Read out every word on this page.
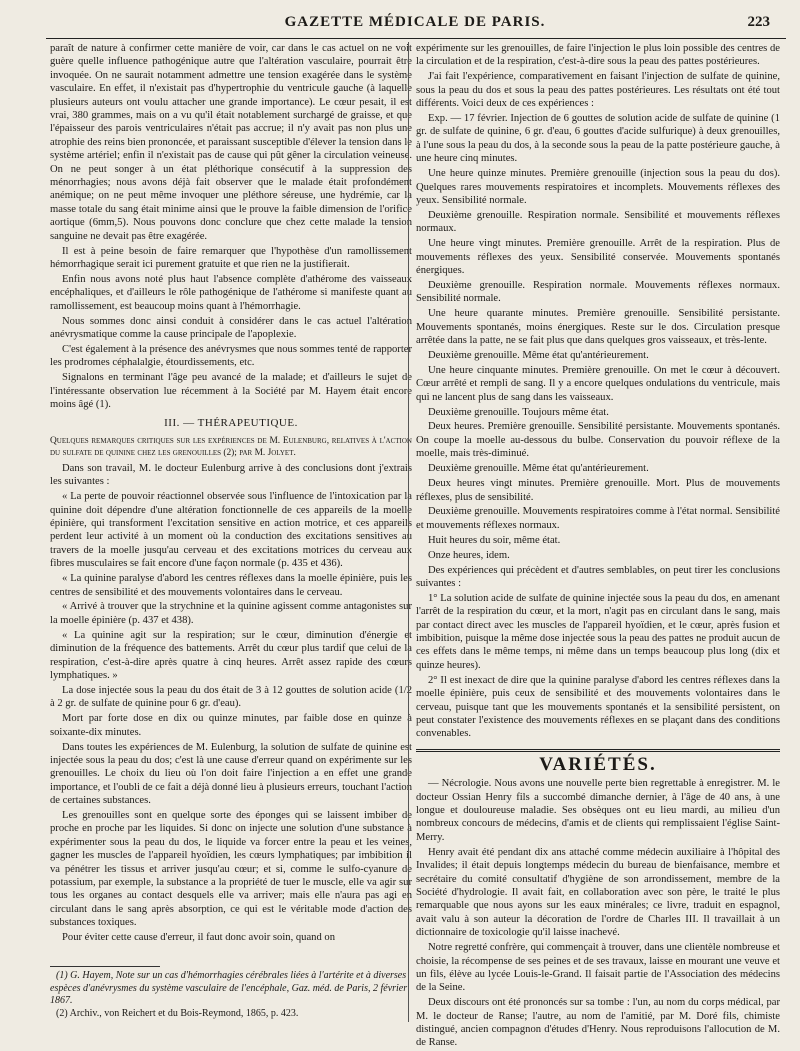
GAZETTE MÉDICALE DE PARIS.	223

paraît de nature à confirmer cette manière de voir, car dans le cas actuel on ne voit guère quelle influence pathogénique autre que l'altération vasculaire, pourrait être invoquée. On ne saurait notamment admettre une tension exagérée dans le système vasculaire. En effet, il n'existait pas d'hypertrophie du ventricule gauche (à laquelle plusieurs auteurs ont voulu attacher une grande importance). Le cœur pesait, il est vrai, 380 grammes, mais on a vu qu'il était notablement surchargé de graisse, et que l'épaisseur des parois ventriculaires n'était pas accrue; il n'y avait pas non plus une atrophie des reins bien prononcée, et paraissant susceptible d'élever la tension dans le système artériel; enfin il n'existait pas de cause qui pût gêner la circulation veineuse. On ne peut songer à un état pléthorique consécutif à la suppression des ménorrhagies; nous avons déjà fait observer que le malade était profondément anémique; on ne peut même invoquer une pléthore séreuse, une hydrémie, car la masse totale du sang était minime ainsi que le prouve la faible dimension de l'orifice aortique (6mm,5). Nous pouvons donc conclure que chez cette malade la tension sanguine ne devait pas être exagérée.

Il est à peine besoin de faire remarquer que l'hypothèse d'un ramollissement hémorrhagique serait ici purement gratuite et que rien ne la justifierait.

Enfin nous avons noté plus haut l'absence complète d'athérome des vaisseaux encéphaliques, et d'ailleurs le rôle pathogénique de l'athérome si manifeste quant au ramollissement, est beaucoup moins quant à l'hémorrhagie.

Nous sommes donc ainsi conduit à considérer dans le cas actuel l'altération anévrysmatique comme la cause principale de l'apoplexie.

C'est également à la présence des anévrysmes que nous sommes tenté de rapporter les prodromes céphalalgie, étourdissements, etc.

Signalons en terminant l'âge peu avancé de la malade; et d'ailleurs le sujet de l'intéressante observation lue récemment à la Société par M. Hayem était encore moins âgé (1).

III. — THÉRAPEUTIQUE.

Quelques remarques critiques sur les expériences de M. Eulenburg, relatives à l'action du sulfate de quinine chez les grenouilles (2); par M. Jolyet.

Dans son travail, M. le docteur Eulenburg arrive à des conclusions dont j'extrais les suivantes :

« La perte de pouvoir réactionnel observée sous l'influence de l'intoxication par la quinine doit dépendre d'une altération fonctionnelle de ces appareils de la moelle épinière, qui transforment l'excitation sensitive en action motrice, et ces appareils perdent leur activité à un moment où la conduction des excitations sensitives au travers de la moelle jusqu'au cerveau et des excitations motrices du cerveau aux fibres musculaires se fait encore d'une façon normale (p. 435 et 436).

« La quinine paralyse d'abord les centres réflexes dans la moelle épinière, puis les centres de sensibilité et des mouvements volontaires dans le cerveau.

« Arrivé à trouver que la strychnine et la quinine agissent comme antagonistes sur la moelle épinière (p. 437 et 438).

« La quinine agit sur la respiration; sur le cœur, diminution d'énergie et diminution de la fréquence des battements. Arrêt du cœur plus tardif que celui de la respiration, c'est-à-dire après quatre à cinq heures. Arrêt assez rapide des cœurs lymphatiques. »

La dose injectée sous la peau du dos était de 3 à 12 gouttes de solution acide (1/2 à 2 gr. de sulfate de quinine pour 6 gr. d'eau).

Mort par forte dose en dix ou quinze minutes, par faible dose en quinze à soixante-dix minutes.

Dans toutes les expériences de M. Eulenburg, la solution de sulfate de quinine est injectée sous la peau du dos; c'est là une cause d'erreur quand on expérimente sur les grenouilles. Le choix du lieu où l'on doit faire l'injection a en effet une grande importance, et l'oubli de ce fait a déjà donné lieu à plusieurs erreurs, touchant l'action de certaines substances.

Les grenouilles sont en quelque sorte des éponges qui se laissent imbiber de proche en proche par les liquides. Si donc on injecte une solution d'une substance à expérimenter sous la peau du dos, le liquide va forcer entre la peau et les veines, gagner les muscles de l'appareil hyoïdien, les cœurs lymphatiques; par imbibition il va pénétrer les tissus et arriver jusqu'au cœur; et si, comme le sulfo-cyanure de potassium, par exemple, la substance a la propriété de tuer le muscle, elle va agir sur tous les organes au contact desquels elle va arriver; mais elle n'aura pas agi en circulant dans le sang après absorption, ce qui est le véritable mode d'action des substances toxiques.

Pour éviter cette cause d'erreur, il faut donc avoir soin, quand on

(1) G. Hayem, Note sur un cas d'hémorrhagies cérébrales liées à l'artérite et à diverses espèces d'anévrysmes du système vasculaire de l'encéphale, Gaz. méd. de Paris, 2 février 1867.

(2) Archiv., von Reichert et du Bois-Reymond, 1865, p. 423.

expérimente sur les grenouilles, de faire l'injection le plus loin possible des centres de la circulation et de la respiration, c'est-à-dire sous la peau des pattes postérieures.

J'ai fait l'expérience, comparativement en faisant l'injection de sulfate de quinine, sous la peau du dos et sous la peau des pattes postérieures. Les résultats ont été tout différents. Voici deux de ces expériences :

Exp. — 17 février. Injection de 6 gouttes de solution acide de sulfate de quinine (1 gr. de sulfate de quinine, 6 gr. d'eau, 6 gouttes d'acide sulfurique) à deux grenouilles, à l'une sous la peau du dos, à la seconde sous la peau de la patte postérieure gauche, à une heure cinq minutes.

Une heure quinze minutes. Première grenouille (injection sous la peau du dos). Quelques rares mouvements respiratoires et incomplets. Mouvements réflexes des yeux. Sensibilité normale.

Deuxième grenouille. Respiration normale. Sensibilité et mouvements réflexes normaux.

Une heure vingt minutes. Première grenouille. Arrêt de la respiration. Plus de mouvements réflexes des yeux. Sensibilité conservée. Mouvements spontanés énergiques.

Deuxième grenouille. Respiration normale. Mouvements réflexes normaux. Sensibilité normale.

Une heure quarante minutes. Première grenouille. Sensibilité persistante. Mouvements spontanés, moins énergiques. Reste sur le dos. Circulation presque arrêtée dans la patte, ne se fait plus que dans quelques gros vaisseaux, et très-lente.

Deuxième grenouille. Même état qu'antérieurement.

Une heure cinquante minutes. Première grenouille. On met le cœur à découvert. Cœur arrêté et rempli de sang. Il y a encore quelques ondulations du ventricule, mais qui ne lancent plus de sang dans les vaisseaux.

Deuxième grenouille. Toujours même état.

Deux heures. Première grenouille. Sensibilité persistante. Mouvements spontanés. On coupe la moelle au-dessous du bulbe. Conservation du pouvoir réflexe de la moelle, mais très-diminué.

Deuxième grenouille. Même état qu'antérieurement.

Deux heures vingt minutes. Première grenouille. Mort. Plus de mouvements réflexes, plus de sensibilité.

Deuxième grenouille. Mouvements respiratoires comme à l'état normal. Sensibilité et mouvements réflexes normaux.

Huit heures du soir, même état.

Onze heures, idem.

Des expériences qui précèdent et d'autres semblables, on peut tirer les conclusions suivantes :

1° La solution acide de sulfate de quinine injectée sous la peau du dos, en amenant l'arrêt de la respiration du cœur, et la mort, n'agit pas en circulant dans le sang, mais par contact direct avec les muscles de l'appareil hyoïdien, et le cœur, après fusion et imbibition, puisque la même dose injectée sous la peau des pattes ne produit aucun de ces effets dans le même temps, ni même dans un temps beaucoup plus long (dix et quinze heures).

2° Il est inexact de dire que la quinine paralyse d'abord les centres réflexes dans la moelle épinière, puis ceux de sensibilité et des mouvements volontaires dans le cerveau, puisque tant que les mouvements spontanés et la sensibilité persistent, on peut constater l'existence des mouvements réflexes en se plaçant dans des conditions convenables.

VARIÉTÉS.

— Nécrologie. Nous avons une nouvelle perte bien regrettable à enregistrer. M. le docteur Ossian Henry fils a succombé dimanche dernier, à l'âge de 40 ans, à une longue et douloureuse maladie. Ses obsèques ont eu lieu mardi, au milieu d'un nombreux concours de médecins, d'amis et de clients qui remplissaient l'église Saint-Merry.

Henry avait été pendant dix ans attaché comme médecin auxiliaire à l'hôpital des Invalides; il était depuis longtemps médecin du bureau de bienfaisance, membre et secrétaire du comité consultatif d'hygiène de son arrondissement, membre de la Société d'hydrologie. Il avait fait, en collaboration avec son père, le traité le plus remarquable que nous ayons sur les eaux minérales; ce livre, traduit en espagnol, avait valu à son auteur la décoration de l'ordre de Charles III. Il travaillait à un dictionnaire de toxicologie qu'il laisse inachevé.

Notre regretté confrère, qui commençait à trouver, dans une clientèle nombreuse et choisie, la récompense de ses peines et de ses travaux, laisse en mourant une veuve et un fils, élève au lycée Louis-le-Grand. Il faisait partie de l'Association des médecins de la Seine.

Deux discours ont été prononcés sur sa tombe : l'un, au nom du corps médical, par M. le docteur de Ranse; l'autre, au nom de l'amitié, par M. Doré fils, chimiste distingué, ancien compagnon d'études d'Henry. Nous reproduisons l'allocution de M. de Ranse.
